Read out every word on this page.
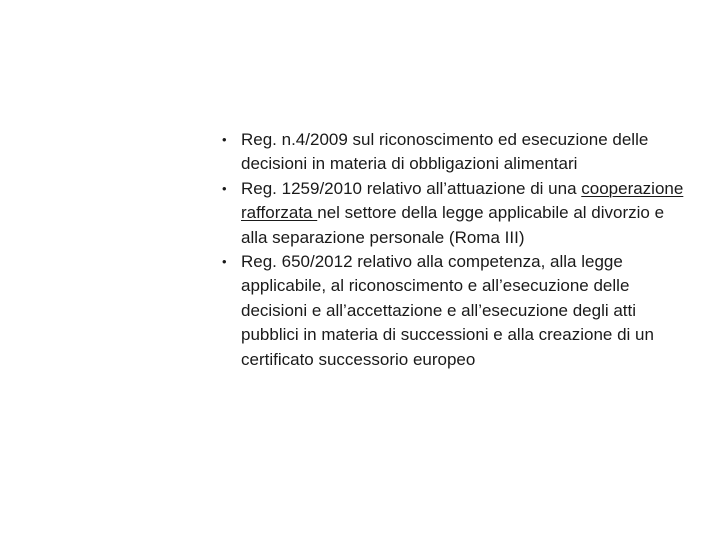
• Reg. n.4/2009 sul riconoscimento ed esecuzione delle decisioni in materia di obbligazioni alimentari
• Reg. 1259/2010 relativo all’attuazione di una cooperazione rafforzata nel settore della legge applicabile al divorzio e alla separazione personale (Roma III)
• Reg. 650/2012 relativo alla competenza, alla legge applicabile, al riconoscimento e all’esecuzione delle decisioni e all’accettazione e all’esecuzione degli atti pubblici in materia di successioni e alla creazione di un certificato successorio europeo
